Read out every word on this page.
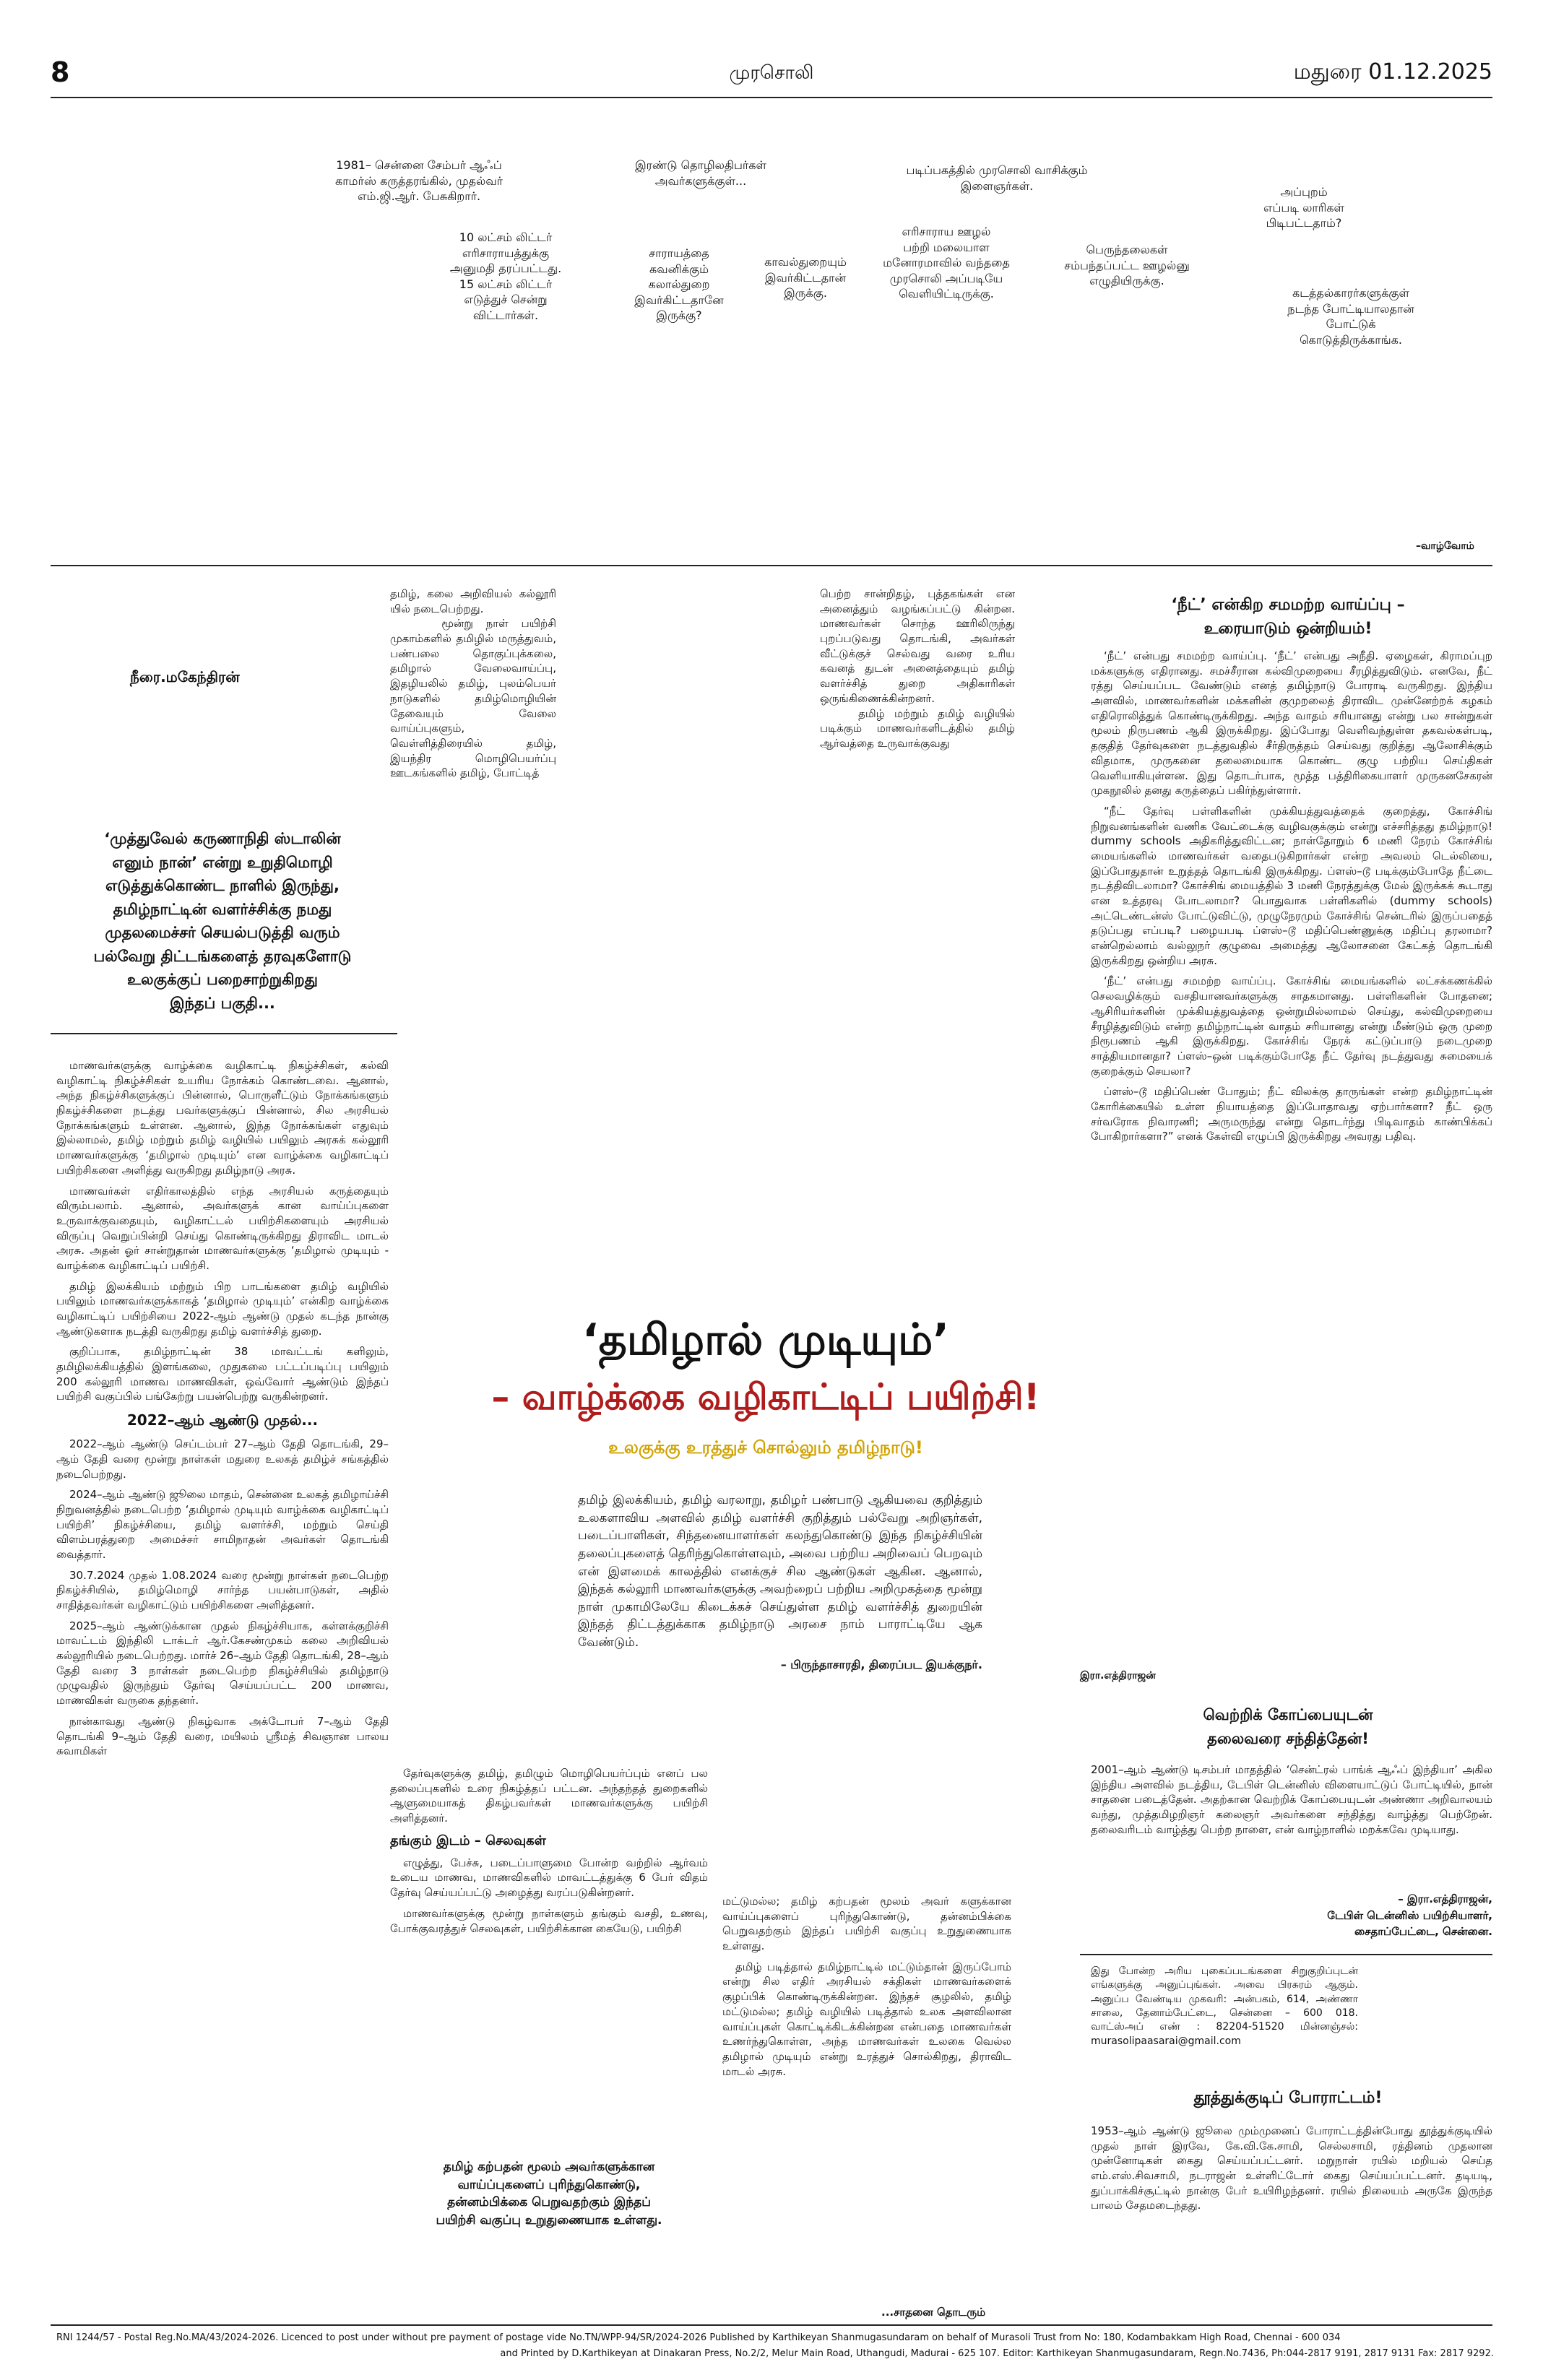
8	முரசொலி	மதுரை 01.12.2025
1981– சென்னை சேம்பர் ஆஃப்
காமர்ஸ் கருத்தரங்கில், முதல்வர்
எம்.ஜி.ஆர். பேசுகிறார்.
10 லட்சம் லிட்டர்
எரிசாராயத்துக்கு
அனுமதி தரப்பட்டது.
15 லட்சம் லிட்டர்
எடுத்துச் சென்று
விட்டார்கள்.
இரண்டு தொழிலதிபர்கள்
அவர்களுக்குள்...
சாராயத்தை
கவனிக்கும்
கலால்துறை
இவர்கிட்டதானே
இருக்கு?
காவல்துறையும்
இவர்கிட்டதான்
இருக்கு.
படிப்பகத்தில் முரசொலி வாசிக்கும்
இளைஞர்கள்.
எரிசாராய ஊழல்
பற்றி மலையாள
மனோரமாவில் வந்ததை
முரசொலி அப்படியே
வெளியிட்டிருக்கு.
பெருந்தலைகள்
சம்பந்தப்பட்ட ஊழல்னு
எழுதியிருக்கு.
அப்புறம்
எப்படி லாரிகள்
பிடிபட்டதாம்?
கடத்தல்காரர்களுக்குள்
நடந்த போட்டியாலதான்
போட்டுக்
கொடுத்திருக்காங்க.
–வாழ்வோம்
நீரை.மகேந்திரன்
‘முத்துவேல் கருணாநிதி ஸ்டாலின்
எனும் நான்’ என்று உறுதிமொழி
எடுத்துக்கொண்ட நாளில் இருந்து,
தமிழ்நாட்டின் வளர்ச்சிக்கு நமது
முதலமைச்சர் செயல்படுத்தி வரும்
பல்வேறு திட்டங்களைத் தரவுகளோடு
உலகுக்குப் பறைசாற்றுகிறது
இந்தப் பகுதி...
மாணவர்களுக்கு வாழ்க்கை வழிகாட்டி நிகழ்ச்சிகள், கல்வி வழிகாட்டி நிகழ்ச்சிகள் உயரிய நோக்கம் கொண்டவை. ஆனால், அந்த நிகழ்ச்சிகளுக்குப் பின்னால், பொருளீட்டும் நோக்கங்களும் நிகழ்ச்சிகளை நடத்து பவர்களுக்குப் பின்னால், சில அரசியல் நோக்கங்களும் உள்ளன. ஆனால், இந்த நோக்கங்கள் எதுவும் இல்லாமல், தமிழ் மற்றும் தமிழ் வழியில் பயிலும் அரசுக் கல்லூரி மாணவர்களுக்கு ‘தமிழால் முடியும்’ என வாழ்க்கை வழிகாட்டிப் பயிற்சிகளை அளித்து வருகிறது தமிழ்நாடு அரசு.
மாணவர்கள் எதிர்காலத்தில் எந்த அரசியல் கருத்தையும் விரும்பலாம். ஆனால், அவர்களுக் கான வாய்ப்புகளை உருவாக்குவதையும், வழிகாட்டல் பயிற்சிகளையும் அரசியல் விருப்பு வெறுப்பின்றி செய்து கொண்டிருக்கிறது திராவிட மாடல் அரசு. அதன் ஓர் சான்றுதான் மாணவர்களுக்கு ‘தமிழால் முடியும் - வாழ்க்கை வழிகாட்டிப் பயிற்சி.
தமிழ் இலக்கியம் மற்றும் பிற பாடங்களை தமிழ் வழியில் பயிலும் மாணவர்களுக்காகத் ‘தமிழால் முடியும்’ என்கிற வாழ்க்கை வழிகாட்டிப் பயிற்சியை 2022-ஆம் ஆண்டு முதல் கடந்த நான்கு ஆண்டுகளாக நடத்தி வருகிறது தமிழ் வளர்ச்சித் துறை.
குறிப்பாக, தமிழ்நாட்டின் 38 மாவட்டங் களிலும், தமிழிலக்கியத்தில் இளங்கலை, முதுகலை பட்டப்படிப்பு பயிலும் 200 கல்லூரி மாணவ மாணவிகள், ஒவ்வோர் ஆண்டும் இந்தப் பயிற்சி வகுப்பில் பங்கேற்று பயன்பெற்று வருகின்றனர்.
2022–ஆம் ஆண்டு முதல்...
2022–ஆம் ஆண்டு செப்டம்பர் 27–ஆம் தேதி தொடங்கி, 29–ஆம் தேதி வரை மூன்று நாள்கள் மதுரை உலகத் தமிழ்ச் சங்கத்தில் நடைபெற்றது.
2024–ஆம் ஆண்டு ஜூலை மாதம், சென்னை உலகத் தமிழாய்ச்சி நிறுவனத்தில் நடைபெற்ற ‘தமிழால் முடியும் வாழ்க்கை வழிகாட்டிப் பயிற்சி’ நிகழ்ச்சியை, தமிழ் வளர்ச்சி, மற்றும் செய்தி விளம்பரத்துறை அமைச்சர் சாமிநாதன் அவர்கள் தொடங்கி வைத்தார்.
30.7.2024 முதல் 1.08.2024 வரை மூன்று நாள்கள் நடைபெற்ற நிகழ்ச்சியில், தமிழ்மொழி சார்ந்த பயன்பாடுகள், அதில் சாதித்தவர்கள் வழிகாட்டும் பயிற்சிகளை அளித்தனர்.
2025–ஆம் ஆண்டுக்கான முதல் நிகழ்ச்சியாக, கள்ளக்குறிச்சி மாவட்டம் இந்திலி டாக்டர் ஆர்.கேசண்முகம் கலை அறிவியல் கல்லூரியில் நடைபெற்றது. மார்ச் 26–ஆம் தேதி தொடங்கி, 28–ஆம் தேதி வரை 3 நாள்கள் நடைபெற்ற நிகழ்ச்சியில் தமிழ்நாடு முழுவதில் இருந்தும் தேர்வு செய்யப்பட்ட 200 மாணவ, மாணவிகள் வருகை தந்தனர்.
நான்காவது ஆண்டு நிகழ்வாக அக்டோபர் 7–ஆம் தேதி தொடங்கி 9–ஆம் தேதி வரை, மயிலம் ஸ்ரீமத் சிவஞான பாலய சுவாமிகள்
தமிழ், கலை அறிவியல் கல்லூரி யில் நடைபெற்றது.
மூன்று நாள் பயிற்சி முகாம்களில் தமிழில் மருத்துவம், பண்பலை தொகுப்புக்கலை, தமிழால் வேலைவாய்ப்பு, இதழியலில் தமிழ், புலம்பெயர் நாடுகளில் தமிழ்மொழியின் தேவையும் வேலை வாய்ப்புகளும், வெள்ளித்திரையில் தமிழ், இயந்திர மொழிபெயர்ப்பு ஊடகங்களில் தமிழ், போட்டித்
பெற்ற சான்றிதழ், புத்தகங்கள் என அனைத்தும் வழங்கப்பட்டு கின்றன. மாணவர்கள் சொந்த ஊரிலிருந்து புறப்படுவது தொடங்கி, அவர்கள் வீட்டுக்குச் செல்வது வரை உரிய கவனத் துடன் அனைத்தையும் தமிழ் வளர்ச்சித் துறை அதிகாரிகள் ஒருங்கிணைக்கின்றனர்.
தமிழ் மற்றும் தமிழ் வழியில் படிக்கும் மாணவர்களிடத்தில் தமிழ் ஆர்வத்தை உருவாக்குவது
‘தமிழால் முடியும்’
– வாழ்க்கை வழிகாட்டிப் பயிற்சி!
உலகுக்கு உரத்துச் சொல்லும் தமிழ்நாடு!
தமிழ் இலக்கியம், தமிழ் வரலாறு, தமிழர் பண்பாடு ஆகியவை குறித்தும் உலகளாவிய அளவில் தமிழ் வளர்ச்சி குறித்தும் பல்வேறு அறிஞர்கள், படைப்பாளிகள், சிந்தனையாளர்கள் கலந்துகொண்டு இந்த நிகழ்ச்சியின் தலைப்புகளைத் தெரிந்துகொள்ளவும், அவை பற்றிய அறிவைப் பெறவும் என் இளமைக் காலத்தில் எனக்குச் சில ஆண்டுகள் ஆகின. ஆனால், இந்தக் கல்லூரி மாணவர்களுக்கு அவற்றைப் பற்றிய அறிமுகத்தை மூன்று நாள் முகாமிலேயே கிடைக்கச் செய்துள்ள தமிழ் வளர்ச்சித் துறையின் இந்தத் திட்டத்துக்காக தமிழ்நாடு அரசை நாம் பாராட்டியே ஆக வேண்டும்.
– பிருந்தாசாரதி, திரைப்பட இயக்குநர்.
தேர்வுகளுக்கு தமிழ், தமிழும் மொழிபெயர்ப்பும் எனப் பல தலைப்புகளில் உரை நிகழ்த்தப் பட்டன. அந்தந்தத் துறைகளில் ஆளுமையாகத் திகழ்பவர்கள் மாணவர்களுக்கு பயிற்சி அளித்தனர்.
தங்கும் இடம் – செலவுகள்
எழுத்து, பேச்சு, படைப்பாளுமை போன்ற வற்றில் ஆர்வம் உடைய மாணவ, மாணவிகளில் மாவட்டத்துக்கு 6 பேர் விதம் தேர்வு செய்யப்பட்டு அழைத்து வரப்படுகின்றனர்.
மாணவர்களுக்கு மூன்று நாள்களும் தங்கும் வசதி, உணவு, போக்குவரத்துச் செலவுகள், பயிற்சிக்கான கையேடு, பயிற்சி
தமிழ் கற்பதன் மூலம் அவர்களுக்கான
வாய்ப்புகளைப் புரிந்துகொண்டு,
தன்னம்பிக்கை பெறுவதற்கும் இந்தப்
பயிற்சி வகுப்பு உறுதுணையாக உள்ளது.
மட்டுமல்ல; தமிழ் கற்பதன் மூலம் அவர் களுக்கான வாய்ப்புகளைப் புரிந்துகொண்டு, தன்னம்பிக்கை பெறுவதற்கும் இந்தப் பயிற்சி வகுப்பு உறுதுணையாக உள்ளது.
தமிழ் படித்தால் தமிழ்நாட்டில் மட்டும்தான் இருப்போம் என்று சில எதிர் அரசியல் சக்திகள் மாணவர்களைக் குழப்பிக் கொண்டிருக்கின்றன. இந்தச் சூழலில், தமிழ் மட்டுமல்ல; தமிழ் வழியில் படித்தால் உலக அளவிலான வாய்ப்புகள் கொட்டிக்கிடக்கின்றன என்பதை மாணவர்கள் உணர்ந்துகொள்ள, அந்த மாணவர்கள் உலகை வெல்ல தமிழால் முடியும் என்று உரத்துச் சொல்கிறது, திராவிட மாடல் அரசு.
...சாதனை தொடரும்
‘நீட்’ என்கிற சமமற்ற வாய்ப்பு –
உரையாடும் ஒன்றியம்!
‘நீட்’ என்பது சமமற்ற வாய்ப்பு. ‘நீட்’ என்பது அநீதி. ஏழைகள், கிராமப்புற மக்களுக்கு எதிரானது. சமச்சீரான கல்விமுறையை சீரழித்துவிடும். எனவே, நீட் ரத்து செய்யப்பட வேண்டும் எனத் தமிழ்நாடு போராடி வருகிறது. இந்திய அளவில், மாணவர்களின் மக்களின் குமுறலைத் திராவிட முன்னேற்றக் கழகம் எதிரொலித்துக் கொண்டிருக்கிறது. அந்த வாதம் சரியானது என்று பல சான்றுகள் மூலம் நிருபணம் ஆகி இருக்கிறது. இப்போது வெளிவந்துள்ள தகவல்கள்படி, தகுதித் தேர்வுகளை நடத்துவதில் சீர்திருத்தம் செய்வது குறித்து ஆலோசிக்கும் விதமாக, முருகனை தலைமையாக கொண்ட குழு பற்றிய செய்திகள் வெளியாகியுள்ளன. இது தொடர்பாக, மூத்த பத்திரிகையாளர் முருகனசேகரன் முகநூலில் தனது கருத்தைப் பகிர்ந்துள்ளார்.
“நீட் தேர்வு பள்ளிகளின் முக்கியத்துவத்தைக் குறைத்து, கோச்சிங் நிறுவனங்களின் வணிக வேட்டைக்கு வழிவகுக்கும் என்று எச்சரித்தது தமிழ்நாடு! dummy schools அதிகரித்துவிட்டன; நாள்தோறும் 6 மணி நேரம் கோச்சிங் மையங்களில் மாணவர்கள் வதைபடுகிறார்கள் என்ற அவலம் டெல்லியை, இப்போதுதான் உறுத்தத் தொடங்கி இருக்கிறது. ப்ளஸ்–டூ படிக்கும்போதே நீட்டை நடத்திவிடலாமா? கோச்சிங் மையத்தில் 3 மணி நேரத்துக்கு மேல் இருக்கக் கூடாது என உத்தரவு போடலாமா? பொதுவாக பள்ளிகளில் (dummy schools) அட்டெண்டன்ஸ் போட்டுவிட்டு, முழுநேரமும் கோச்சிங் சென்டரில் இருப்பதைத் தடுப்பது எப்படி? பழையபடி ப்ளஸ்–டூ மதிப்பெண்ணுக்கு மதிப்பு தரலாமா? என்றெல்லாம் வல்லுநர் குழுவை அமைத்து ஆலோசனை கேட்கத் தொடங்கி இருக்கிறது ஒன்றிய அரசு.
‘நீட்’ என்பது சமமற்ற வாய்ப்பு. கோச்சிங் மையங்களில் லட்சக்கணக்கில் செலவழிக்கும் வசதியானவர்களுக்கு சாதகமானது. பள்ளிகளின் போதனை; ஆசிரியர்களின் முக்கியத்துவத்தை ஒன்றுமில்லாமல் செய்து, கல்விமுறையை சீரழித்துவிடும் என்ற தமிழ்நாட்டின் வாதம் சரியானது என்று மீண்டும் ஒரு முறை நிரூபணம் ஆகி இருக்கிறது. கோச்சிங் நேரக் கட்டுப்பாடு நடைமுறை சாத்தியமானதா? ப்ளஸ்–ஒன் படிக்கும்போதே நீட் தேர்வு நடத்துவது சுமையைக் குறைக்கும் செயலா?
ப்ளஸ்–டூ மதிப்பெண் போதும்; நீட் விலக்கு தாருங்கள் என்ற தமிழ்நாட்டின் கோரிக்கையில் உள்ள நியாயத்தை இப்போதாவது ஏற்பார்களா? நீட் ஒரு சர்வரோக நிவாரணி; அருமருந்து என்று தொடர்ந்து பிடிவாதம் காண்பிக்கப் போகிறார்களா?” எனக் கேள்வி எழுப்பி இருக்கிறது அவரது பதிவு.
இரா.எத்திராஜன்
வெற்றிக் கோப்பையுடன்
தலைவரை சந்தித்தேன்!
2001–ஆம் ஆண்டு டிசம்பர் மாதத்தில் ‘சென்ட்ரல் பாங்க் ஆஃப் இந்தியா’ அகில இந்திய அளவில் நடத்திய, டேபிள் டென்னிஸ் விளையாட்டுப் போட்டியில், நான் சாதனை படைத்தேன். அதற்கான வெற்றிக் கோப்பையுடன் அண்ணா அறிவாலயம் வந்து, முத்தமிழறிஞர் கலைஞர் அவர்களை சந்தித்து வாழ்த்து பெற்றேன். தலைவரிடம் வாழ்த்து பெற்ற நாளை, என் வாழ்நாளில் மறக்கவே முடியாது.
– இரா.எத்திராஜன்,
டேபிள் டென்னிஸ் பயிற்சியாளர்,
சைதாப்பேட்டை, சென்னை.
இது போன்ற அரிய புகைப்படங்களை சிறுகுறிப்புடன் எங்களுக்கு அனுப்புங்கள். அவை பிரசுரம் ஆகும். அனுப்ப வேண்டிய முகவரி: அன்பகம், 614, அண்ணா சாலை, தேனாம்பேட்டை, சென்னை – 600 018. வாட்ஸ்அப் எண் : 82204-51520 மின்னஞ்சல்: murasolipaasarai@gmail.com
தூத்துக்குடிப் போராட்டம்!
1953–ஆம் ஆண்டு ஜூலை மும்முனைப் போராட்டத்தின்போது தூத்துக்குடியில் முதல் நாள் இரவே, கே.வி.கே.சாமி, செல்லசாமி, ரத்தினம் முதலான முன்னோடிகள் கைது செய்யப்பட்டனர். மறுநாள் ரயில் மறியல் செய்த எம்.எஸ்.சிவசாமி, நடராஜன் உள்ளிட்டோர் கைது செய்யப்பட்டனர். தடியடி, துப்பாக்கிச்சூட்டில் நான்கு பேர் உயிரிழந்தனர். ரயில் நிலையம் அருகே இருந்த பாலம் சேதமடைந்தது.
RNI 1244/57 - Postal Reg.No.MA/43/2024-2026. Licenced to post under without pre payment of postage vide No.TN/WPP-94/SR/2024-2026 Published by Karthikeyan Shanmugasundaram on behalf of Murasoli Trust from No: 180, Kodambakkam High Road, Chennai - 600 034
and Printed by D.Karthikeyan at Dinakaran Press, No.2/2, Melur Main Road, Uthangudi, Madurai - 625 107. Editor: Karthikeyan Shanmugasundaram, Regn.No.7436, Ph:044-2817 9191, 2817 9131 Fax: 2817 9292.
